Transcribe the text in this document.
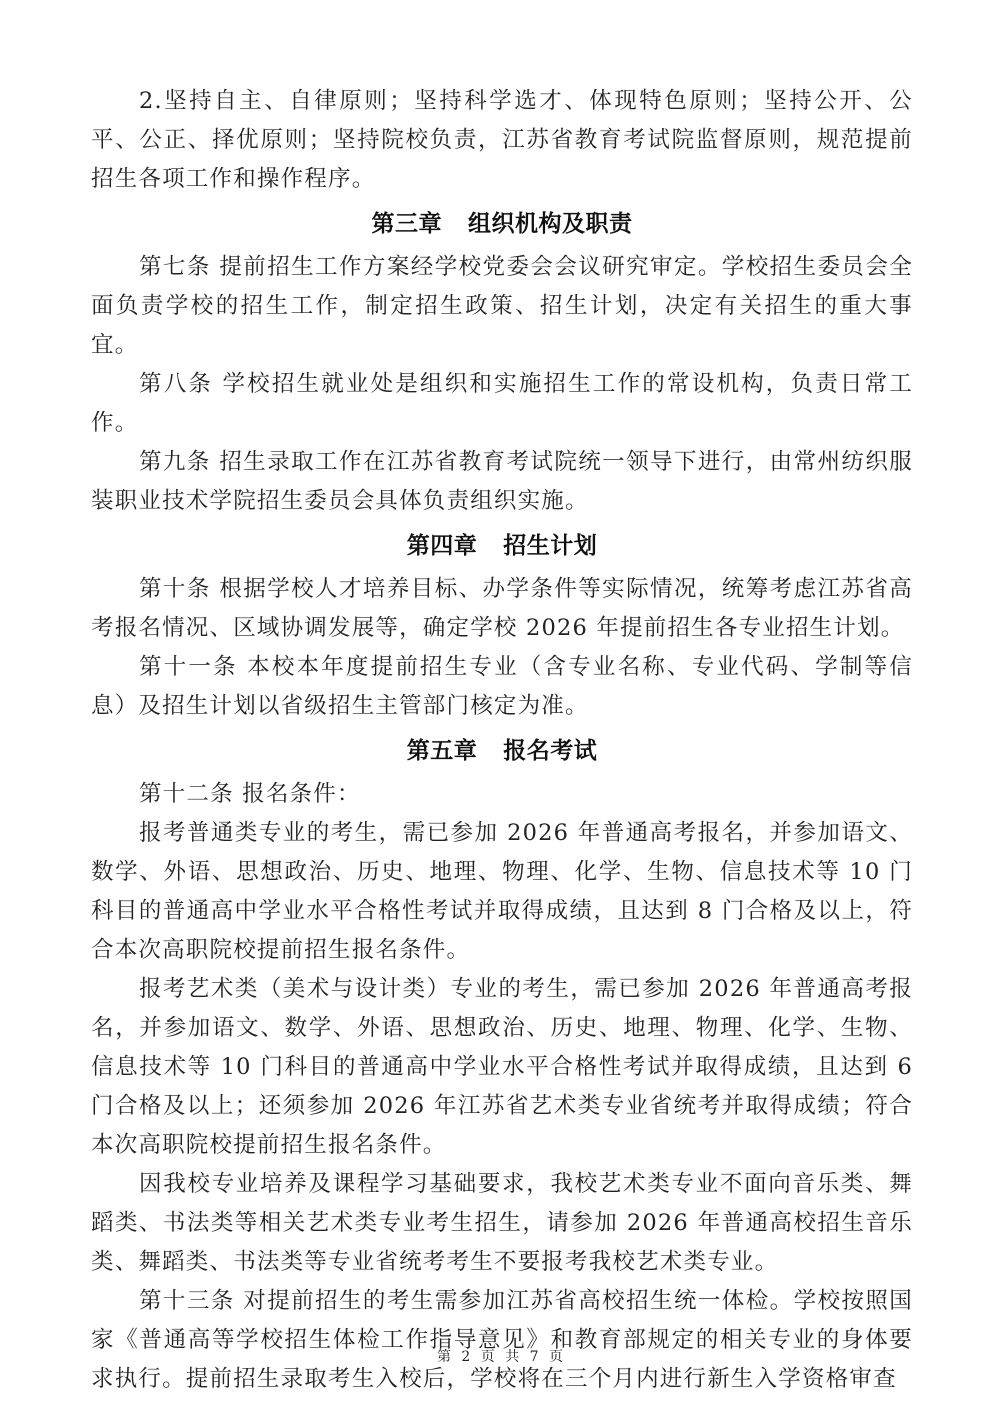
2.坚持自主、自律原则；坚持科学选才、体现特色原则；坚持公开、公平、公正、择优原则；坚持院校负责，江苏省教育考试院监督原则，规范提前招生各项工作和操作程序。

第三章 组织机构及职责

第七条 提前招生工作方案经学校党委会会议研究审定。学校招生委员会全面负责学校的招生工作，制定招生政策、招生计划，决定有关招生的重大事宜。

第八条 学校招生就业处是组织和实施招生工作的常设机构，负责日常工作。

第九条 招生录取工作在江苏省教育考试院统一领导下进行，由常州纺织服装职业技术学院招生委员会具体负责组织实施。

第四章 招生计划

第十条 根据学校人才培养目标、办学条件等实际情况，统筹考虑江苏省高考报名情况、区域协调发展等，确定学校 2026 年提前招生各专业招生计划。

第十一条 本校本年度提前招生专业（含专业名称、专业代码、学制等信息）及招生计划以省级招生主管部门核定为准。

第五章 报名考试

第十二条 报名条件：

报考普通类专业的考生，需已参加 2026 年普通高考报名，并参加语文、数学、外语、思想政治、历史、地理、物理、化学、生物、信息技术等 10 门科目的普通高中学业水平合格性考试并取得成绩，且达到 8 门合格及以上，符合本次高职院校提前招生报名条件。

报考艺术类（美术与设计类）专业的考生，需已参加 2026 年普通高考报名，并参加语文、数学、外语、思想政治、历史、地理、物理、化学、生物、信息技术等 10 门科目的普通高中学业水平合格性考试并取得成绩，且达到 6 门合格及以上；还须参加 2026 年江苏省艺术类专业省统考并取得成绩；符合本次高职院校提前招生报名条件。

因我校专业培养及课程学习基础要求，我校艺术类专业不面向音乐类、舞蹈类、书法类等相关艺术类专业考生招生，请参加 2026 年普通高校招生音乐类、舞蹈类、书法类等专业省统考考生不要报考我校艺术类专业。

第十三条 对提前招生的考生需参加江苏省高校招生统一体检。学校按照国家《普通高等学校招生体检工作指导意见》和教育部规定的相关专业的身体要求执行。提前招生录取考生入校后，学校将在三个月内进行新生入学资格审查

第 2 页 共 7 页
